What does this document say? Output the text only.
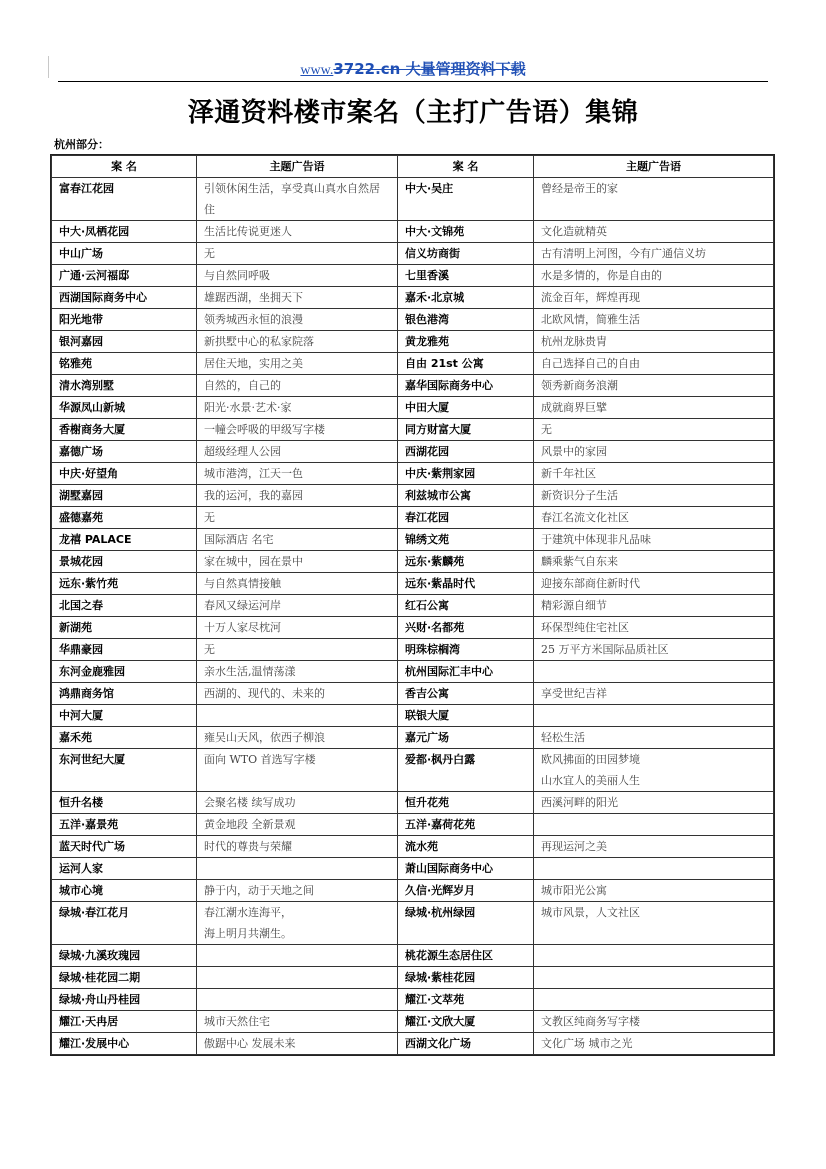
www.3722.cn 大量管理资料下载
泽通资料楼市案名（主打广告语）集锦
杭州部分：
案 名	主题广告语	案 名	主题广告语
富春江花园	引领休闲生活，享受真山真水自然居住	中大·吴庄	曾经是帝王的家

中大·凤栖花园	生活比传说更迷人	中大·文锦苑	文化造就精英

中山广场	无	信义坊商街	古有清明上河图，今有广通信义坊

广通·云河福邸	与自然同呼吸	七里香溪	水是多情的，你是自由的

西湖国际商务中心	雄踞西湖，坐拥天下	嘉禾·北京城	流金百年，辉煌再现

阳光地带	领秀城西永恒的浪漫	银色港湾	北欧风情，简雅生活

银河嘉园	新拱墅中心的私家院落	黄龙雅苑	杭州龙脉贵胄

铭雅苑	居住天地，实用之美	自由 21st 公寓	自己选择自己的自由

清水湾别墅	自然的，自己的	嘉华国际商务中心	领秀新商务浪潮

华源凤山新城	阳光·水景·艺术·家	中田大厦	成就商界巨擘

香榭商务大厦	一幢会呼吸的甲级写字楼	同方财富大厦	无

嘉德广场	超级经理人公园	西湖花园	风景中的家园

中庆·好望角	城市港湾，江天一色	中庆·紫荆家园	新千年社区

湖墅嘉园	我的运河，我的嘉园	利兹城市公寓	新资识分子生活

盛德嘉苑	无	春江花园	春江名流文化社区

龙禧 PALACE	国际酒店 名宅	锦绣文苑	于建筑中体现非凡品味

景城花园	家在城中，园在景中	远东·紫麟苑	麟乘紫气自东来

远东·紫竹苑	与自然真情接触	远东·紫晶时代	迎接东部商住新时代

北国之春	春风又绿运河岸	红石公寓	精彩源自细节

新湖苑	十万人家尽枕河	兴财·名都苑	环保型纯住宅社区

华鼎豪园	无	明珠棕榈湾	25 万平方米国际品质社区

东河金鹿雅园	亲水生活,温情荡漾	杭州国际汇丰中心	

鸿鼎商务馆	西湖的、现代的、未来的	香吉公寓	享受世纪吉祥

中河大厦		联银大厦	

嘉禾苑	雍吴山天风，依西子柳浪	嘉元广场	轻松生活

东河世纪大厦	面向 WTO 首选写字楼	爱都·枫丹白露	欧风拂面的田园梦境
山水宜人的美丽人生

恒升名楼	会聚名楼 续写成功	恒升花苑	西溪河畔的阳光

五洋·嘉景苑	黄金地段 全新景观	五洋·嘉荷花苑	

蓝天时代广场	时代的尊贵与荣耀	流水苑	再现运河之美

运河人家		萧山国际商务中心	

城市心境	静于内，动于天地之间	久信·光辉岁月	城市阳光公寓

绿城·春江花月	春江潮水连海平，
海上明月共潮生。	绿城·杭州绿园	城市风景，人文社区

绿城·九溪玫瑰园		桃花源生态居住区	

绿城·桂花园二期		绿城·紫桂花园	

绿城·舟山丹桂园		耀江·文萃苑	

耀江·天冉居	城市天然住宅	耀江·文欣大厦	文教区纯商务写字楼

耀江·发展中心	傲踞中心 发展未来	西湖文化广场	文化广场 城市之光
